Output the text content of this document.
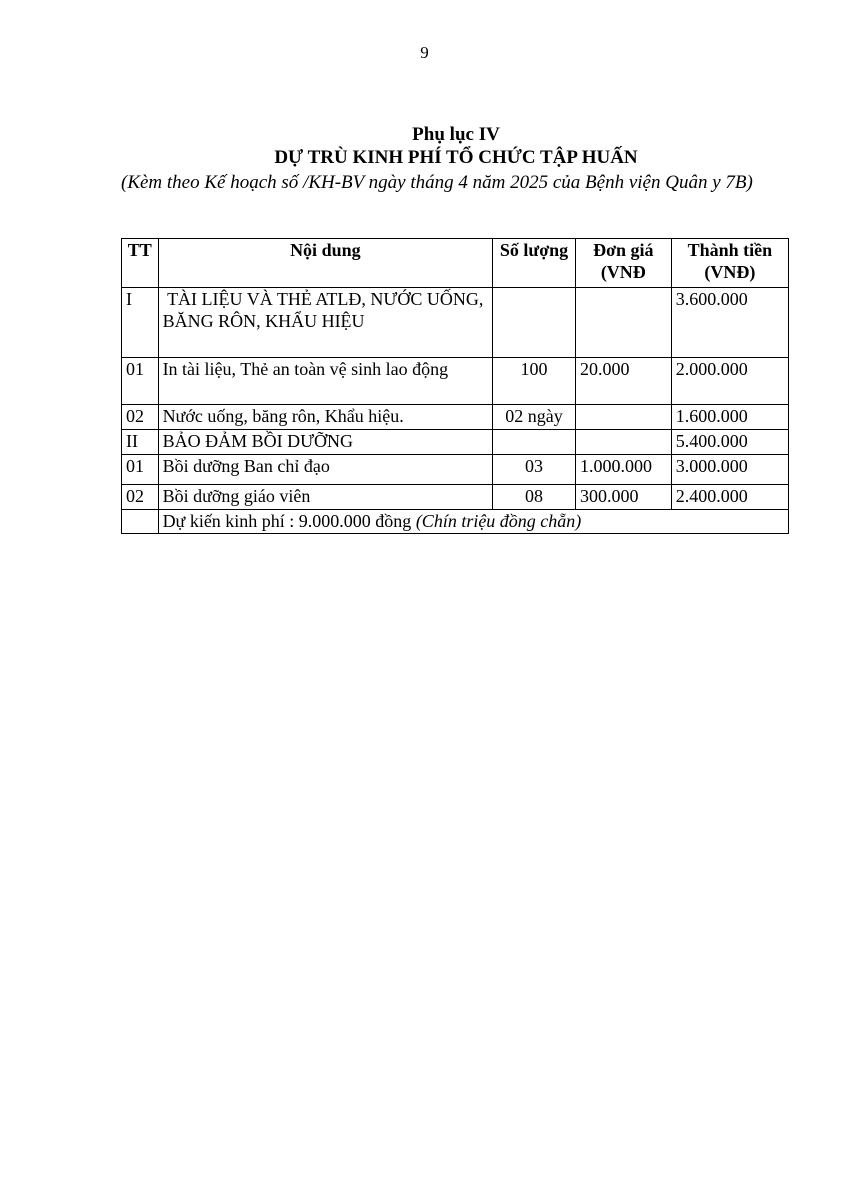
9
Phụ lục IV
DỰ TRÙ KINH PHÍ TỔ CHỨC TẬP HUẤN
(Kèm theo Kế hoạch số /KH-BV ngày tháng 4 năm 2025 của Bệnh viện Quân y 7B)
TT	Nội dung	Số lượng	Đơn giá (VNĐ	Thành tiền (VNĐ)
I	TÀI LIỆU VÀ THẺ ATLĐ, NƯỚC UỐNG, BĂNG RÔN, KHẨU HIỆU			3.600.000
01	In tài liệu, Thẻ an toàn vệ sinh lao động	100	20.000	2.000.000
02	Nước uống, băng rôn, Khẩu hiệu.	02 ngày		1.600.000
II	BẢO ĐẢM BỒI DƯỠNG			5.400.000
01	Bồi dưỡng Ban chỉ đạo	03	1.000.000	3.000.000
02	Bồi dưỡng giáo viên	08	300.000	2.400.000
	Dự kiến kinh phí : 9.000.000 đồng (Chín triệu đồng chẵn)			
